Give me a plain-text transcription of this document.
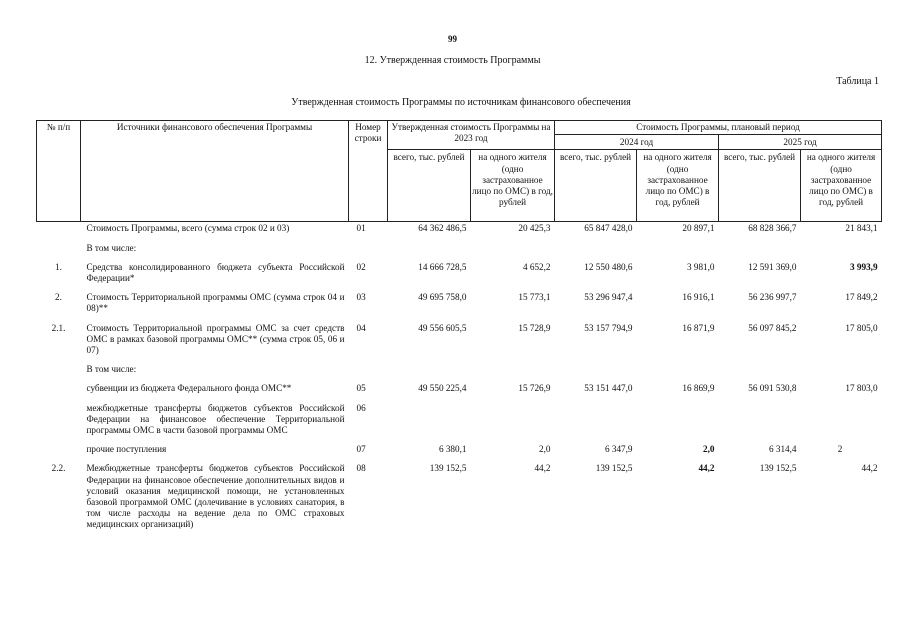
99
12. Утвержденная стоимость Программы
Таблица 1
Утвержденная стоимость Программы по источникам финансового обеспечения
№ п/п	Источники финансового обеспечения Программы	Номер строки	Утвержденная стоимость Программы на 2023 год		Стоимость Программы, плановый период			
					2024 год		2025 год	
			всего, тыс. рублей	на одного жителя (одно застрахованное лицо по ОМС) в год, рублей	всего, тыс. рублей	на одного жителя (одно застрахованное лицо по ОМС) в год, рублей	всего, тыс. рублей	на одного жителя (одно застрахованное лицо по ОМС) в год, рублей
	Стоимость Программы, всего (сумма строк 02 и 03)	01	64 362 486,5	20 425,3	65 847 428,0	20 897,1	68 828 366,7	21 843,1

	В том числе:							

1.	Средства консолидированного бюджета субъекта Российской Федерации*	02	14 666 728,5	4 652,2	12 550 480,6	3 981,0	12 591 369,0	3 993,9

2.	Стоимость Территориальной программы ОМС (сумма строк 04 и 08)**	03	49 695 758,0	15 773,1	53 296 947,4	16 916,1	56 236 997,7	17 849,2

2.1.	Стоимость Территориальной программы ОМС за счет средств ОМС в рамках базовой программы ОМС** (сумма строк 05, 06 и 07)	04	49 556 605,5	15 728,9	53 157 794,9	16 871,9	56 097 845,2	17 805,0

	В том числе:							

	субвенции из бюджета Федерального фонда ОМС**	05	49 550 225,4	15 726,9	53 151 447,0	16 869,9	56 091 530,8	17 803,0

	межбюджетные трансферты бюджетов субъектов Российской Федерации на финансовое обеспечение Территориальной программы ОМС в части базовой программы ОМС	06						

	прочие поступления	07	6 380,1	2,0	6 347,9	2,0	6 314,4	2

2.2.	Межбюджетные трансферты бюджетов субъектов Российской Федерации на финансовое обеспечение дополнительных видов и условий оказания медицинской помощи, не установленных базовой программой ОМС (долечивание в условиях санатория, в том числе расходы на ведение дела по ОМС страховых медицинских организаций)	08	139 152,5	44,2	139 152,5	44,2	139 152,5	44,2
